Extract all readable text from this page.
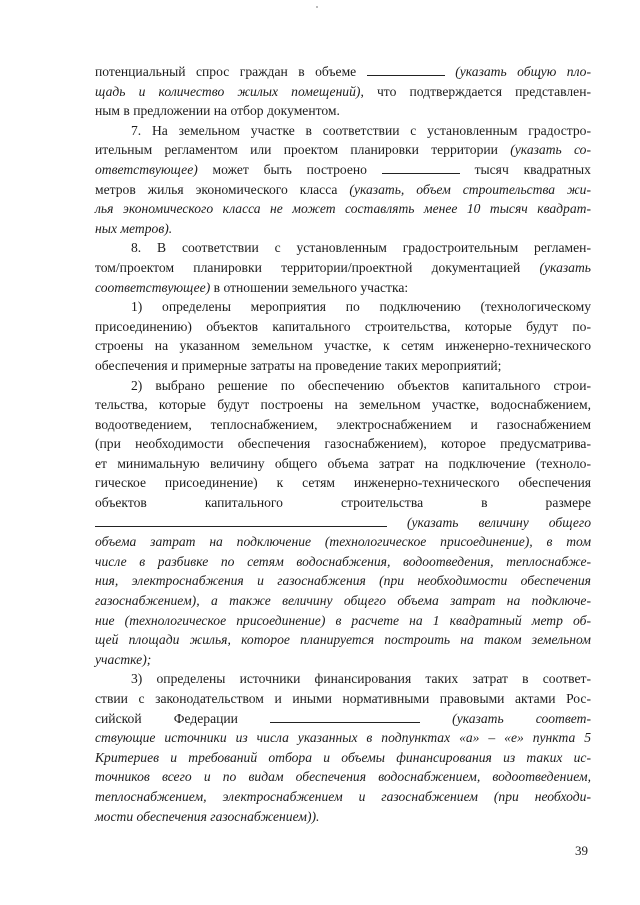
потенциальный спрос граждан в объеме	(указать общую пло-
щадь и количество жилых помещений), что подтверждается представлен-
ным в предложении на отбор документом.
7. На земельном участке в соответствии с установленным градостро-
ительным регламентом или проектом планировки территории (указать со-
ответствующее) может быть построено	тысяч квадратных
метров жилья экономического класса (указать, объем строительства жи-
лья экономического класса не может составлять менее 10 тысяч квадрат-
ных метров).
8. В соответствии с установленным градостроительным регламен-
том/проектом планировки территории/проектной документацией (указать
соответствующее) в отношении земельного участка:
1) определены мероприятия по подключению (технологическому
присоединению) объектов капитального строительства, которые будут по-
строены на указанном земельном участке, к сетям инженерно-технического
обеспечения и примерные затраты на проведение таких мероприятий;
2) выбрано решение по обеспечению объектов капитального строи-
тельства, которые будут построены на земельном участке, водоснабжением,
водоотведением, теплоснабжением, электроснабжением и газоснабжением
(при необходимости обеспечения газоснабжением), которое предусматрива-
ет минимальную величину общего объема затрат на подключение (техноло-
гическое присоединение) к сетям инженерно-технического обеспечения
объектов	капитального	строительства	в	размере
(указать величину общего
объема затрат на подключение (технологическое присоединение), в том
числе в разбивке по сетям водоснабжения, водоотведения, теплоснабже-
ния, электроснабжения и газоснабжения (при необходимости обеспечения
газоснабжением), а также величину общего объема затрат на подключе-
ние (технологическое присоединение) в расчете на 1 квадратный метр об-
щей площади жилья, которое планируется построить на таком земельном
участке);
3) определены источники финансирования таких затрат в соответ-
ствии с законодательством и иными нормативными правовыми актами Рос-
сийской Федерации	(указать соответ-
ствующие источники из числа указанных в подпунктах «а» – «е» пункта 5
Критериев и требований отбора и объемы финансирования из таких ис-
точников всего и по видам обеспечения водоснабжением, водоотведением,
теплоснабжением, электроснабжением и газоснабжением (при необходи-
мости обеспечения газоснабжением)).
39
